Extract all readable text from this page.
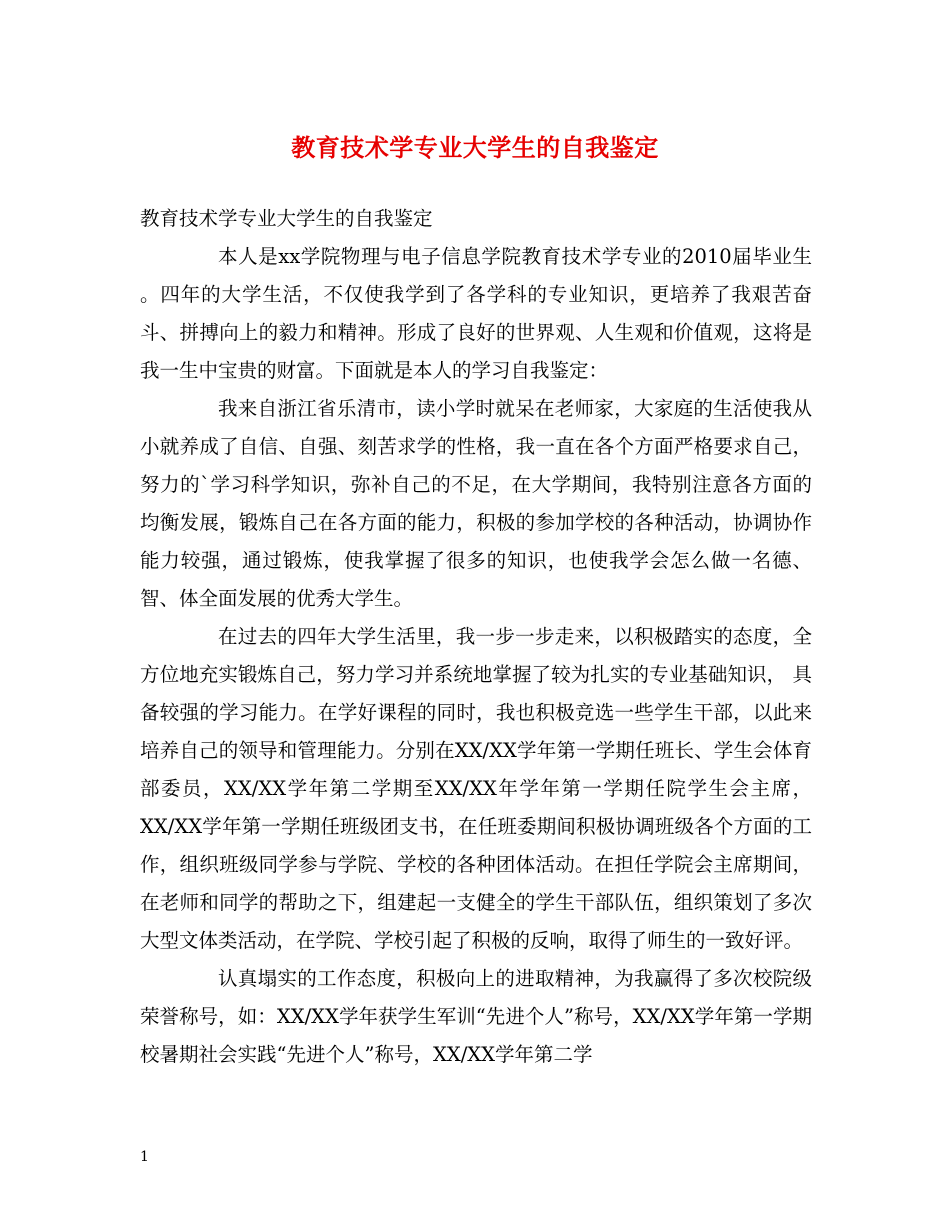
教育技术学专业大学生的自我鉴定

教育技术学专业大学生的自我鉴定

本人是xx学院物理与电子信息学院教育技术学专业的2010届毕业生 。四年的大学生活，不仅使我学到了各学科的专业知识，更培养了我艰苦奋斗、拼搏向上的毅力和精神。形成了良好的世界观、人生观和价值观，这将是我一生中宝贵的财富。下面就是本人的学习自我鉴定：

我来自浙江省乐清市，读小学时就呆在老师家，大家庭的生活使我从小就养成了自信、自强、刻苦求学的性格，我一直在各个方面严格要求自己，努力的`学习科学知识，弥补自己的不足，在大学期间，我特别注意各方面的均衡发展，锻炼自己在各方面的能力，积极的参加学校的各种活动，协调协作能力较强，通过锻炼，使我掌握了很多的知识，也使我学会怎么做一名德、智、体全面发展的优秀大学生。

在过去的四年大学生活里，我一步一步走来，以积极踏实的态度，全方位地充实锻炼自己，努力学习并系统地掌握了较为扎实的专业基础知识， 具备较强的学习能力。在学好课程的同时，我也积极竞选一些学生干部，以此来培养自己的领导和管理能力。分别在XX/XX学年第一学期任班长、学生会体育部委员，XX/XX学年第二学期至XX/XX年学年第一学期任院学生会主席，XX/XX学年第一学期任班级团支书，在任班委期间积极协调班级各个方面的工作，组织班级同学参与学院、学校的各种团体活动。在担任学院会主席期间，在老师和同学的帮助之下，组建起一支健全的学生干部队伍，组织策划了多次大型文体类活动，在学院、学校引起了积极的反响，取得了师生的一致好评。

认真塌实的工作态度，积极向上的进取精神，为我赢得了多次校院级荣誉称号，如：XX/XX学年获学生军训“先进个人”称号，XX/XX学年第一学期校暑期社会实践“先进个人”称号，XX/XX学年第二学

1
